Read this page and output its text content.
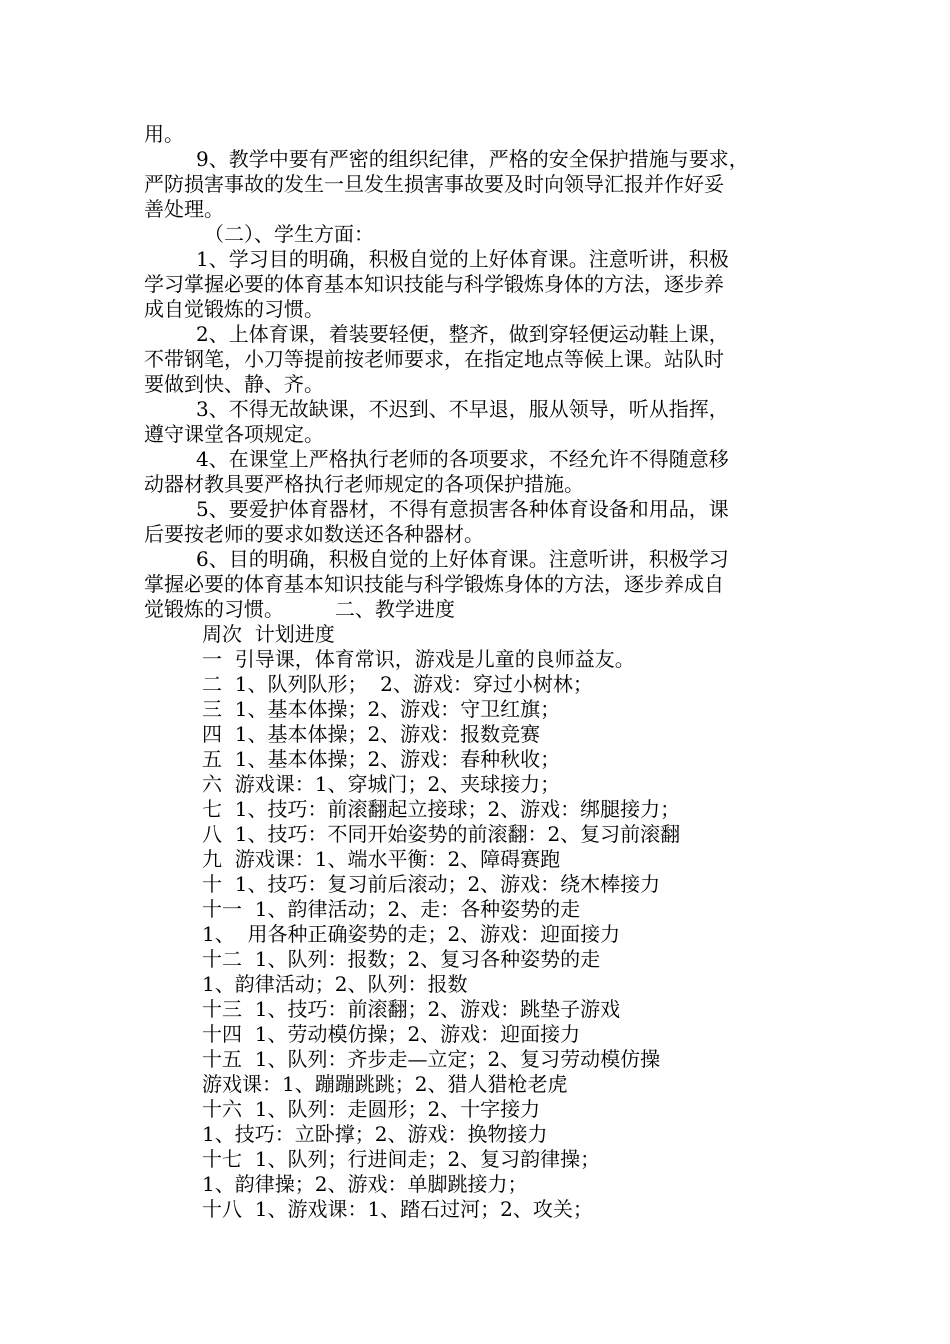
用。
9、教学中要有严密的组织纪律，严格的安全保护措施与要求，
严防损害事故的发生一旦发生损害事故要及时向领导汇报并作好妥
善处理。
（二）、学生方面：
1、学习目的明确，积极自觉的上好体育课。注意听讲，积极
学习掌握必要的体育基本知识技能与科学锻炼身体的方法，逐步养
成自觉锻炼的习惯。
2、上体育课，着装要轻便，整齐，做到穿轻便运动鞋上课，
不带钢笔，小刀等提前按老师要求，在指定地点等候上课。站队时
要做到快、静、齐。
3、不得无故缺课，不迟到、不早退，服从领导，听从指挥，
遵守课堂各项规定。
4、在课堂上严格执行老师的各项要求，不经允许不得随意移
动器材教具要严格执行老师规定的各项保护措施。
5、要爱护体育器材，不得有意损害各种体育设备和用品，课
后要按老师的要求如数送还各种器材。
6、目的明确，积极自觉的上好体育课。注意听讲，积极学习
掌握必要的体育基本知识技能与科学锻炼身体的方法，逐步养成自
觉锻炼的习惯。        二、教学进度
周次  计划进度
一  引导课，体育常识，游戏是儿童的良师益友。
二  1、队列队形；  2、游戏：穿过小树林；
三  1、基本体操；2、游戏：守卫红旗；
四  1、基本体操；2、游戏：报数竞赛
五  1、基本体操；2、游戏：春种秋收；
六  游戏课：1、穿城门；2、夹球接力；
七  1、技巧：前滚翻起立接球；2、游戏：绑腿接力；
八  1、技巧：不同开始姿势的前滚翻：2、复习前滚翻
九  游戏课：1、端水平衡：2、障碍赛跑
十  1、技巧：复习前后滚动；2、游戏：绕木棒接力
十一  1、韵律活动；2、走：各种姿势的走
1、  用各种正确姿势的走；2、游戏：迎面接力
十二  1、队列：报数；2、复习各种姿势的走
1、韵律活动；2、队列：报数
十三  1、技巧：前滚翻；2、游戏：跳垫子游戏
十四  1、劳动模仿操；2、游戏：迎面接力
十五  1、队列：齐步走—立定；2、复习劳动模仿操
游戏课：1、蹦蹦跳跳；2、猎人猎枪老虎
十六  1、队列：走圆形；2、十字接力
1、技巧：立卧撑；2、游戏：换物接力
十七  1、队列；行进间走；2、复习韵律操；
1、韵律操；2、游戏：单脚跳接力；
十八  1、游戏课：1、踏石过河；2、攻关；
